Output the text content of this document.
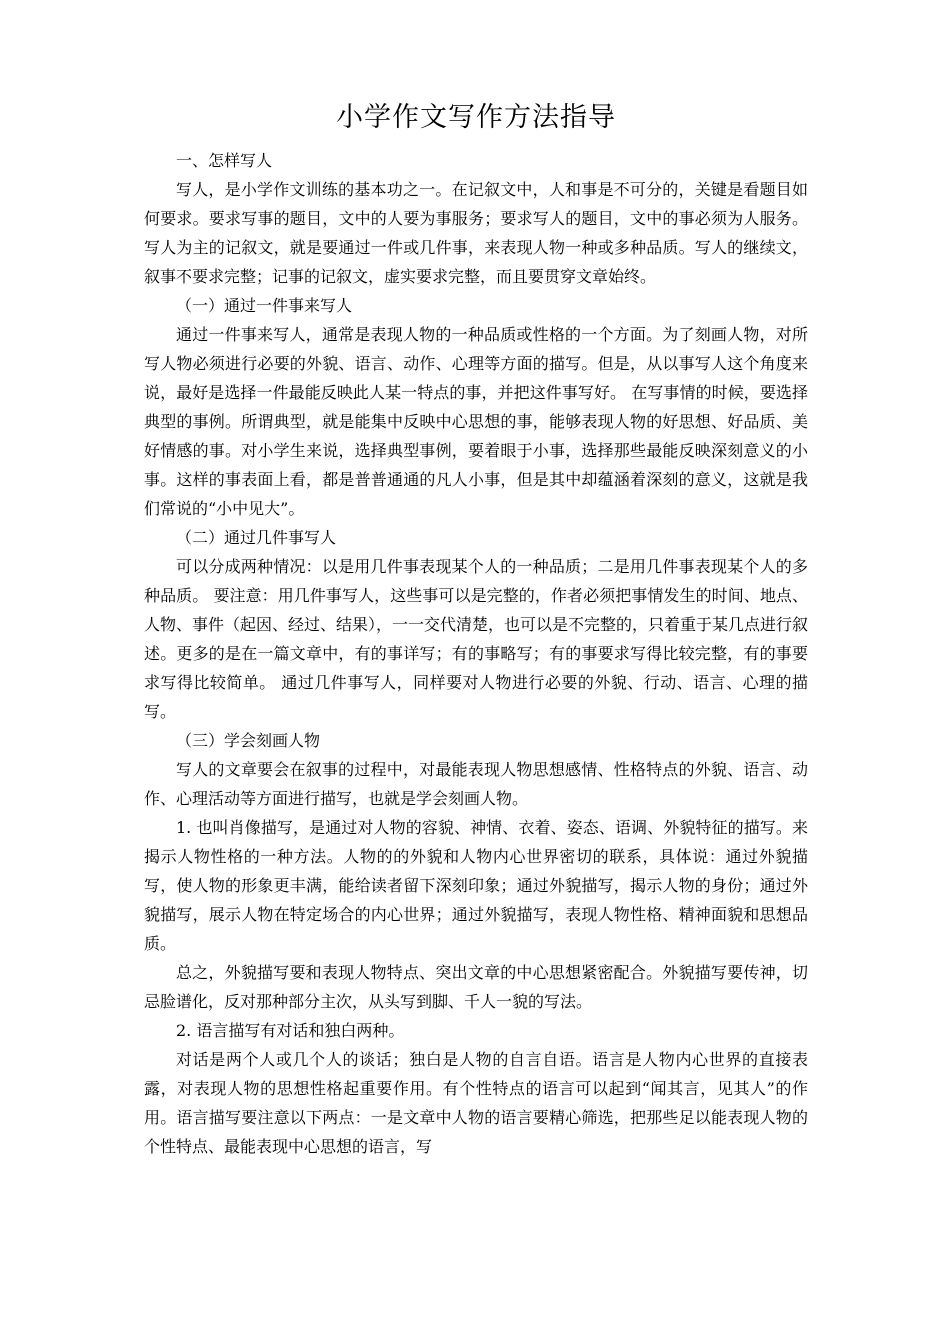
小学作文写作方法指导

一、怎样写人

写人，是小学作文训练的基本功之一。在记叙文中，人和事是不可分的，关键是看题目如何要求。要求写事的题目，文中的人要为事服务；要求写人的题目，文中的事必须为人服务。写人为主的记叙文，就是要通过一件或几件事，来表现人物一种或多种品质。写人的继续文，叙事不要求完整；记事的记叙文，虚实要求完整，而且要贯穿文章始终。

（一）通过一件事来写人

通过一件事来写人，通常是表现人物的一种品质或性格的一个方面。为了刻画人物，对所写人物必须进行必要的外貌、语言、动作、心理等方面的描写。但是，从以事写人这个角度来说，最好是选择一件最能反映此人某一特点的事，并把这件事写好。 在写事情的时候，要选择典型的事例。所谓典型，就是能集中反映中心思想的事，能够表现人物的好思想、好品质、美好情感的事。对小学生来说，选择典型事例，要着眼于小事，选择那些最能反映深刻意义的小事。这样的事表面上看，都是普普通通的凡人小事，但是其中却蕴涵着深刻的意义，这就是我们常说的“小中见大”。

（二）通过几件事写人

可以分成两种情况：以是用几件事表现某个人的一种品质；二是用几件事表现某个人的多种品质。 要注意：用几件事写人，这些事可以是完整的，作者必须把事情发生的时间、地点、人物、事件（起因、经过、结果），一一交代清楚，也可以是不完整的，只着重于某几点进行叙述。更多的是在一篇文章中，有的事详写；有的事略写；有的事要求写得比较完整，有的事要求写得比较简单。 通过几件事写人，同样要对人物进行必要的外貌、行动、语言、心理的描写。

（三）学会刻画人物

写人的文章要会在叙事的过程中，对最能表现人物思想感情、性格特点的外貌、语言、动作、心理活动等方面进行描写，也就是学会刻画人物。

1. 也叫肖像描写，是通过对人物的容貌、神情、衣着、姿态、语调、外貌特征的描写。来揭示人物性格的一种方法。人物的的外貌和人物内心世界密切的联系，具体说：通过外貌描写，使人物的形象更丰满，能给读者留下深刻印象；通过外貌描写，揭示人物的身份；通过外貌描写，展示人物在特定场合的内心世界；通过外貌描写，表现人物性格、精神面貌和思想品质。

总之，外貌描写要和表现人物特点、突出文章的中心思想紧密配合。外貌描写要传神，切忌脸谱化，反对那种部分主次，从头写到脚、千人一貌的写法。

2. 语言描写有对话和独白两种。

对话是两个人或几个人的谈话；独白是人物的自言自语。语言是人物内心世界的直接表露，对表现人物的思想性格起重要作用。有个性特点的语言可以起到“闻其言，见其人”的作用。语言描写要注意以下两点：一是文章中人物的语言要精心筛选，把那些足以能表现人物的个性特点、最能表现中心思想的语言，写
